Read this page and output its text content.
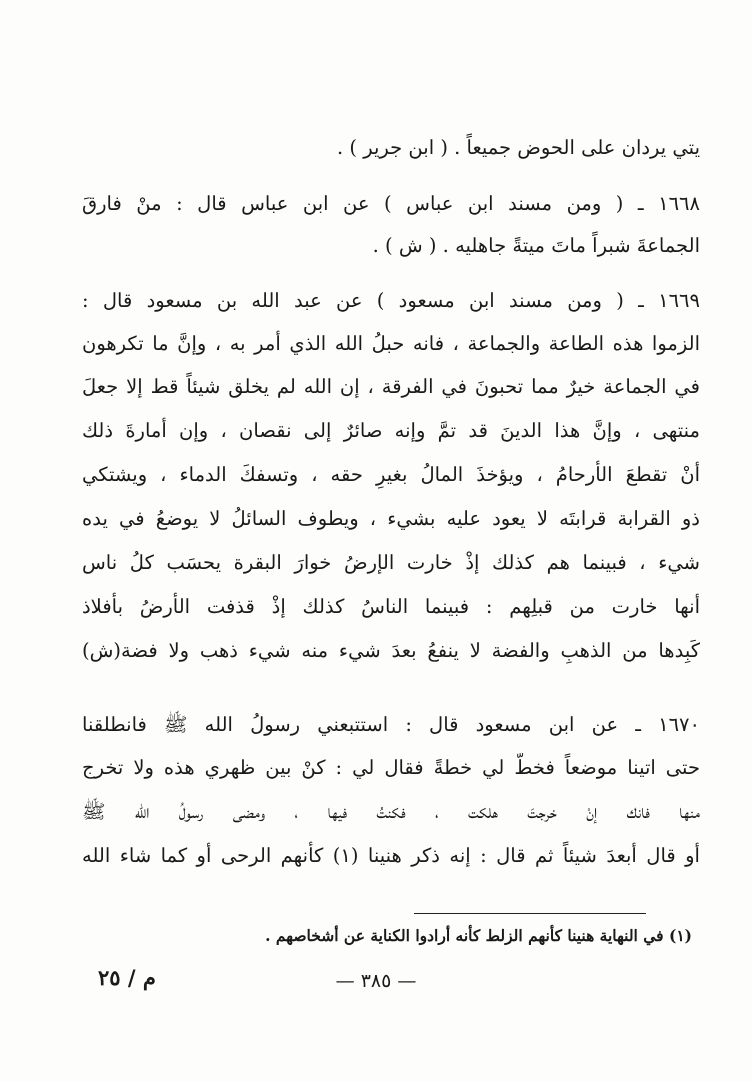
يتي يردان على الحوض جميعاً . ( ابن جرير ) .
١٦٦٨ ـ ( ومن مسند ابن عباس ) عن ابن عباس قال : منْ فارقَ
الجماعةَ شبراً ماتَ ميتةً جاهليه . ( ش ) .
١٦٦٩ ـ ( ومن مسند ابن مسعود ) عن عبد الله بن مسعود قال :
الزموا هذه الطاعة والجماعة ، فانه حبلُ الله الذي أمر به ، وإنَّ ما تكرهون
في الجماعة خيرٌ مما تحبونَ في الفرقة ، إن الله لم يخلق شيئاً قط إلا جعلَ
منتهى ، وإنَّ هذا الدينَ قد تمَّ وإنه صائرٌ إلى نقصان ، وإن أمارةَ ذلك
أنْ تقطعَ الأرحامُ ، ويؤخذَ المالُ بغيرِ حقه ، وتسفكَ الدماء ، ويشتكي
ذو القرابة قرابتَه لا يعود عليه بشيء ، ويطوف السائلُ لا يوضعُ في يده
شيء ، فبينما هم كذلك إذْ خارت الإرضُ خوارَ البقرة يحسَب كلُ ناس
أنها خارت من قبلِهم : فبينما الناسُ كذلك إذْ قذفت الأرضُ بأفلاذ
كَبِدها من الذهبِ والفضة لا ينفعُ بعدَ شيء منه شيء ذهب ولا فضة(ش)
١٦٧٠ ـ عن ابن مسعود قال : استتبعني رسولُ الله ﷺ فانطلقنا
حتى اتينا موضعاً فخطَّ لي خطةً فقال لي : كنْ بين ظهري هذه ولا تخرج
منها فانك إنْ خرجتَ هلكت ، فكنتُ فيها ، ومضى رسولُ الله ﷺ
أو قال أبعدَ شيئاً ثم قال : إنه ذكر هنينا (١) كأنهم الرحى أو كما شاء الله
(١) في النهاية هنينا كأنهم الزلط كأنه أرادوا الكناية عن أشخاصهم .
— ٣٨٥ —
م / ٢٥
